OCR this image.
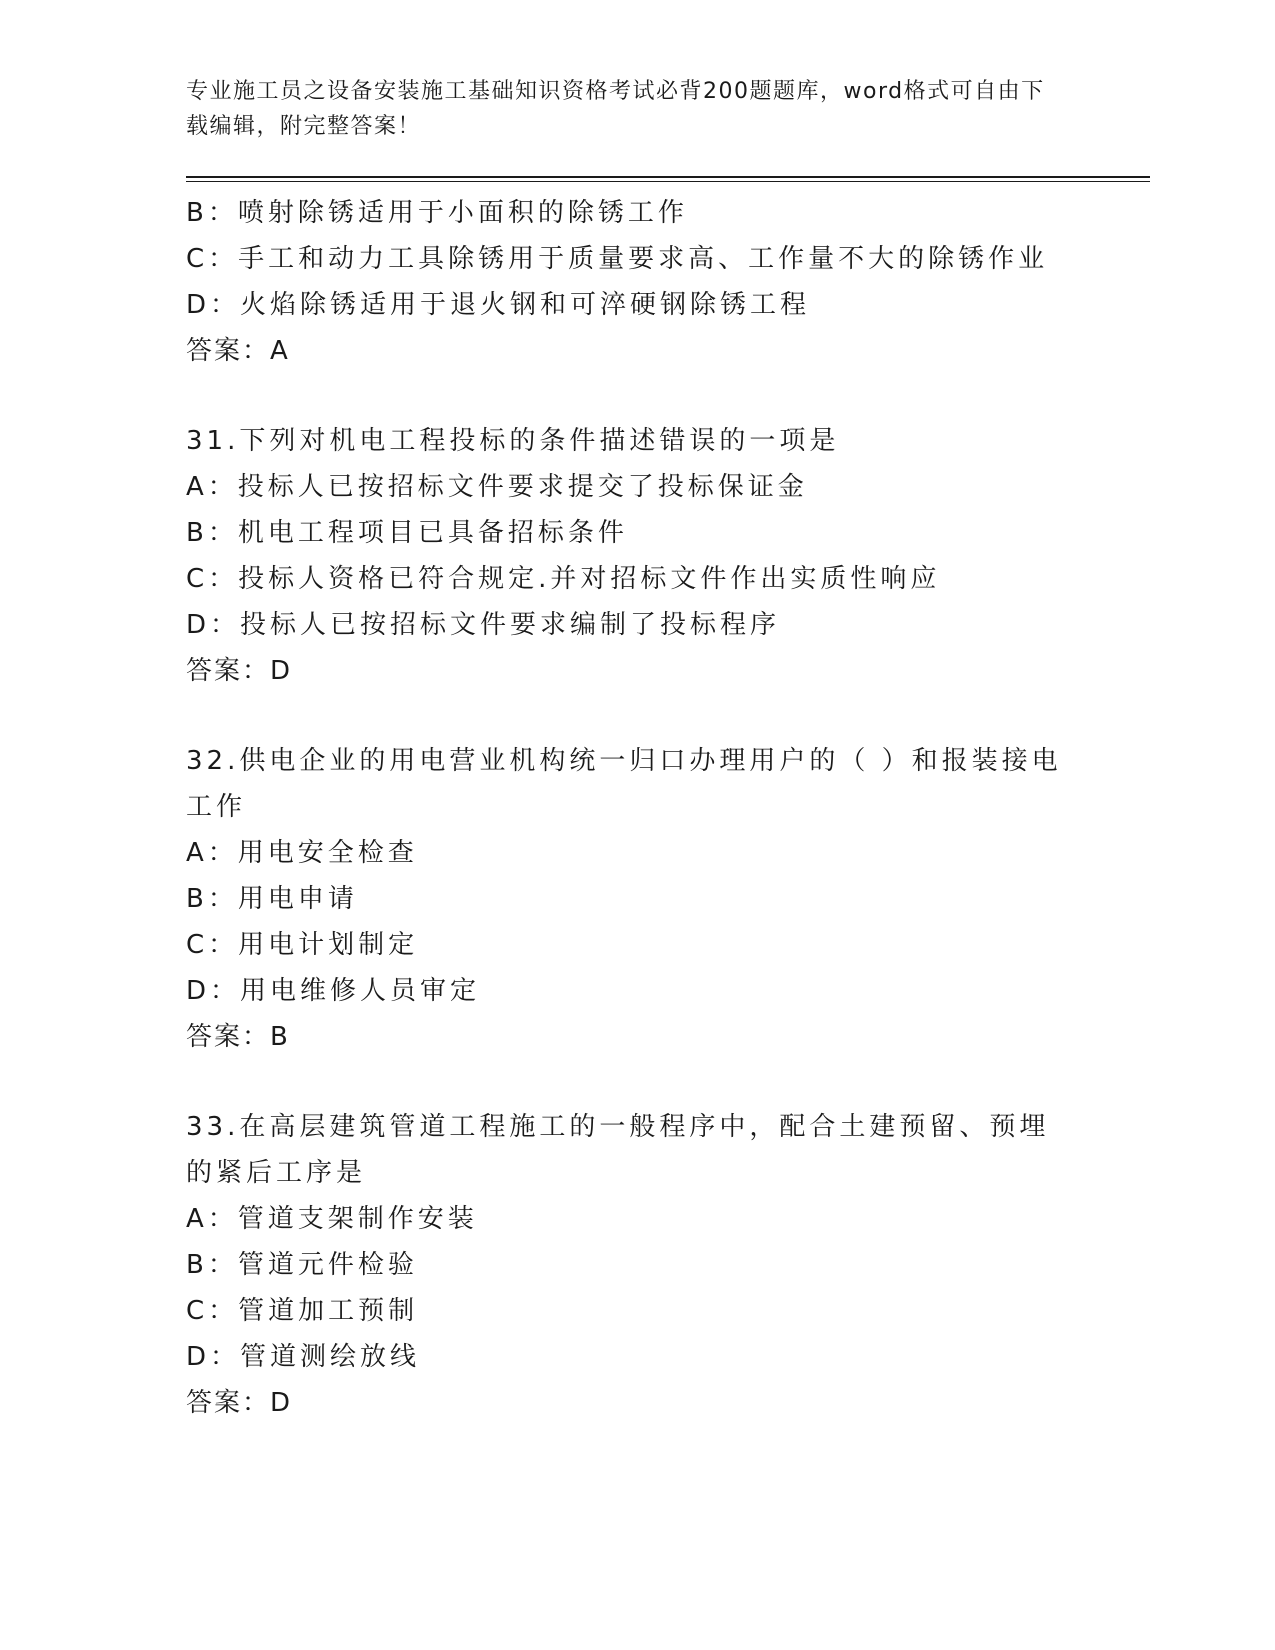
专业施工员之设备安装施工基础知识资格考试必背200题题库，word格式可自由下载编辑，附完整答案！
B：喷射除锈适用于小面积的除锈工作
C：手工和动力工具除锈用于质量要求高、工作量不大的除锈作业
D：火焰除锈适用于退火钢和可淬硬钢除锈工程
答案：A
31.下列对机电工程投标的条件描述错误的一项是
A：投标人已按招标文件要求提交了投标保证金
B：机电工程项目已具备招标条件
C：投标人资格已符合规定.并对招标文件作出实质性响应
D：投标人已按招标文件要求编制了投标程序
答案：D
32.供电企业的用电营业机构统一归口办理用户的（ ）和报装接电工作
A：用电安全检查
B：用电申请
C：用电计划制定
D：用电维修人员审定
答案：B
33.在高层建筑管道工程施工的一般程序中，配合土建预留、预埋的紧后工序是
A：管道支架制作安装
B：管道元件检验
C：管道加工预制
D：管道测绘放线
答案：D
